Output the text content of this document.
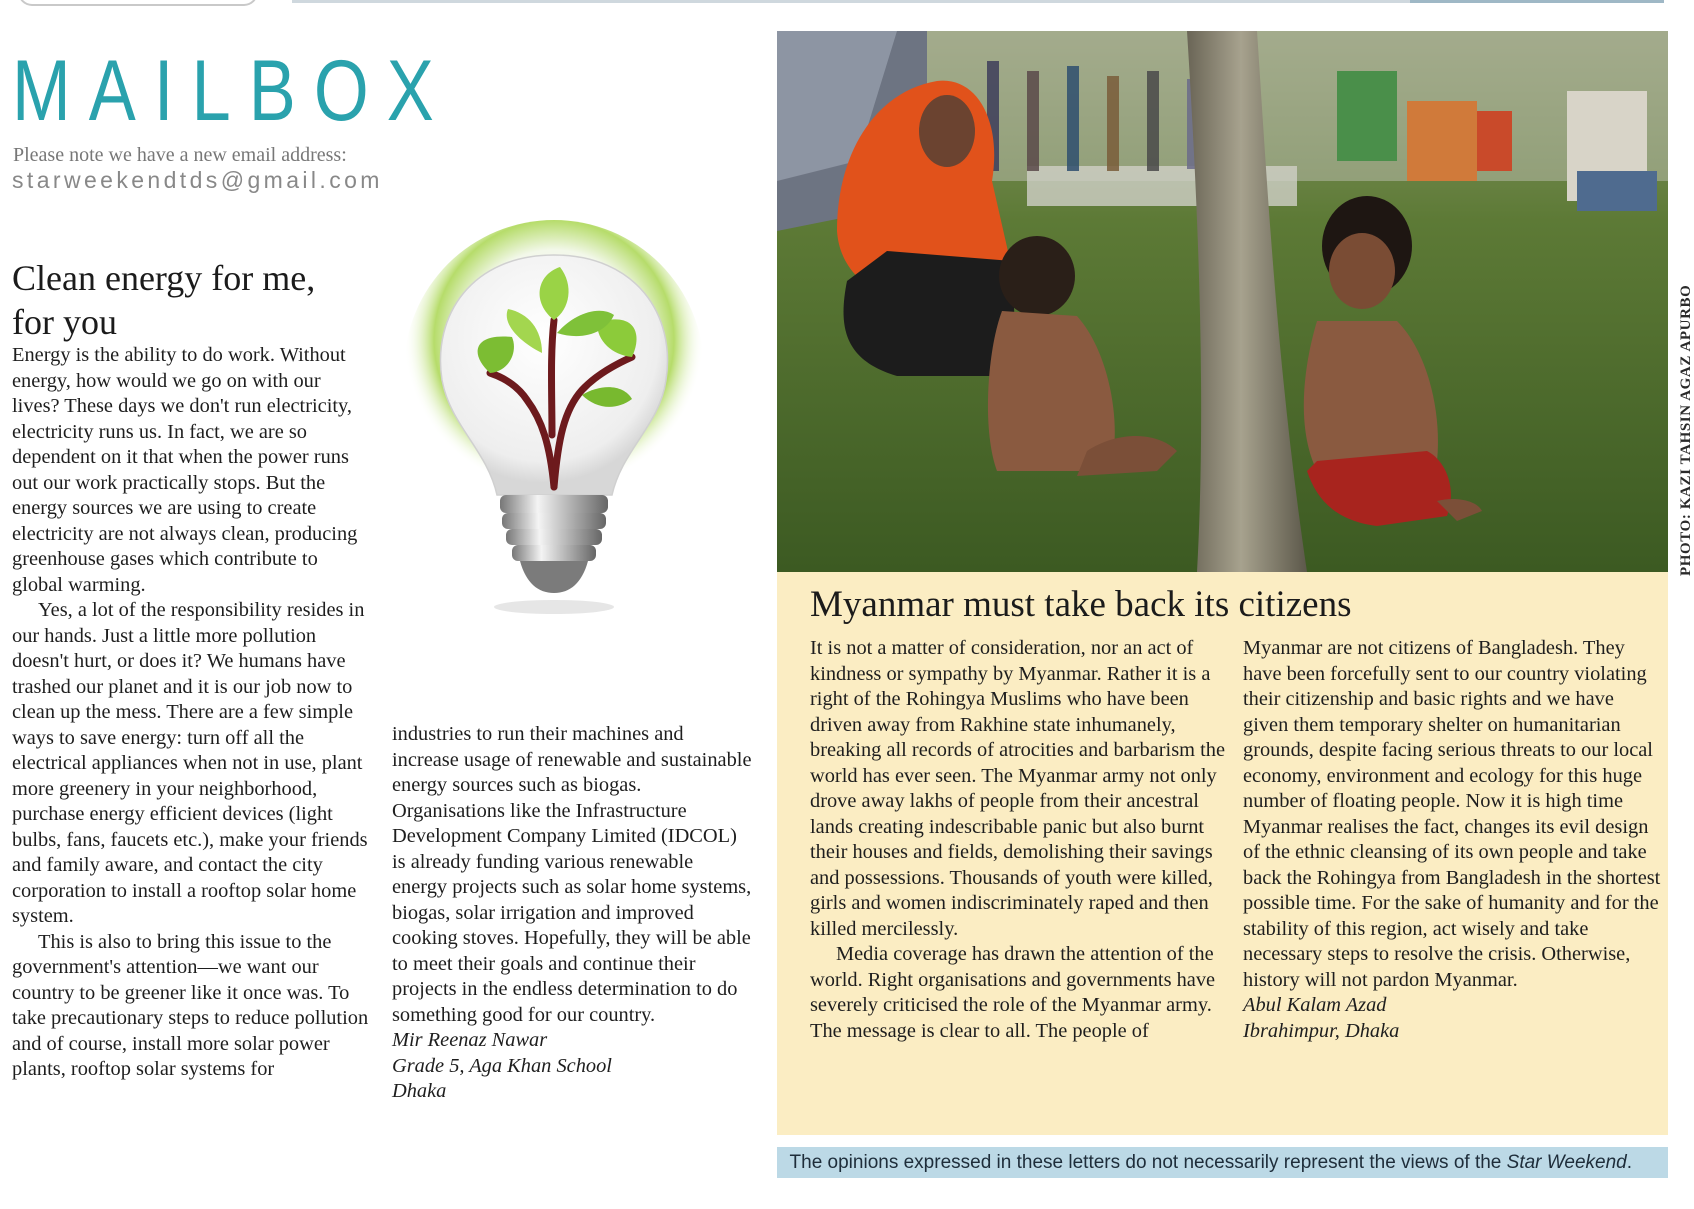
MAILBOX
Please note we have a new email address:
starweekendtds@gmail.com
Clean energy for me, for you

Energy is the ability to do work. Without energy, how would we go on with our lives? These days we don't run electricity, electricity runs us. In fact, we are so dependent on it that when the power runs out our work practically stops. But the energy sources we are using to create electricity are not always clean, producing greenhouse gases which contribute to global warming.

Yes, a lot of the responsibility resides in our hands. Just a little more pollution doesn't hurt, or does it? We humans have trashed our planet and it is our job now to clean up the mess. There are a few simple ways to save energy: turn off all the electrical appliances when not in use, plant more greenery in your neighborhood, purchase energy efficient devices (light bulbs, fans, faucets etc.), make your friends and family aware, and contact the city corporation to install a rooftop solar home system.

This is also to bring this issue to the government's attention—we want our country to be greener like it once was. To take precautionary steps to reduce pollution and of course, install more solar power plants, rooftop solar systems for

industries to run their machines and increase usage of renewable and sustainable energy sources such as biogas. Organisations like the Infrastructure Development Company Limited (IDCOL) is already funding various renewable energy projects such as solar home systems, biogas, solar irrigation and improved cooking stoves. Hopefully, they will be able to meet their goals and continue their projects in the endless determination to do something good for our country.

Mir Reenaz Nawar
Grade 5, Aga Khan School
Dhaka
PHOTO: KAZI TAHSIN AGAZ APURBO
Myanmar must take back its citizens

It is not a matter of consideration, nor an act of kindness or sympathy by Myanmar. Rather it is a right of the Rohingya Muslims who have been driven away from Rakhine state inhumanely, breaking all records of atrocities and barbarism the world has ever seen. The Myanmar army not only drove away lakhs of people from their ancestral lands creating indescribable panic but also burnt their houses and fields, demolishing their savings and possessions. Thousands of youth were killed, girls and women indiscriminately raped and then killed mercilessly.

Media coverage has drawn the attention of the world. Right organisations and governments have severely criticised the role of the Myanmar army. The message is clear to all. The people of

Myanmar are not citizens of Bangladesh. They have been forcefully sent to our country violating their citizenship and basic rights and we have given them temporary shelter on humanitarian grounds, despite facing serious threats to our local economy, environment and ecology for this huge number of floating people. Now it is high time Myanmar realises the fact, changes its evil design of the ethnic cleansing of its own people and take back the Rohingya from Bangladesh in the shortest possible time. For the sake of humanity and for the stability of this region, act wisely and take necessary steps to resolve the crisis. Otherwise, history will not pardon Myanmar.

Abul Kalam Azad
Ibrahimpur, Dhaka
The opinions expressed in these letters do not necessarily represent the views of the Star Weekend.
